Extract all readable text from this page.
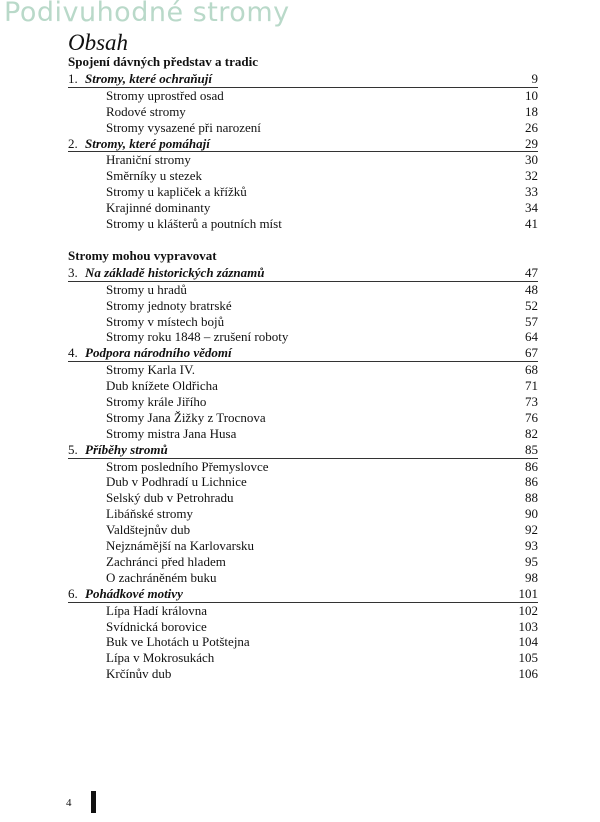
Podivuhodné stromy
Obsah
Spojení dávných představ a tradic
1. Stromy, které ochraňují	9
Stromy uprostřed osad	10
Rodové stromy	18
Stromy vysazené při narození	26
2. Stromy, které pomáhají	29
Hraniční stromy	30
Směrníky u stezek	32
Stromy u kapliček a křížků	33
Krajinné dominanty	34
Stromy u klášterů a poutních míst	41
Stromy mohou vypravovat
3. Na základě historických záznamů	47
Stromy u hradů	48
Stromy jednoty bratrské	52
Stromy v místech bojů	57
Stromy roku 1848 – zrušení roboty	64
4. Podpora národního vědomí	67
Stromy Karla IV.	68
Dub knížete Oldřicha	71
Stromy krále Jiřího	73
Stromy Jana Žižky z Trocnova	76
Stromy mistra Jana Husa	82
5. Příběhy stromů	85
Strom posledního Přemyslovce	86
Dub v Podhradí u Lichnice	86
Selský dub v Petrohradu	88
Libáňské stromy	90
Valdštejnův dub	92
Nejznámější na Karlovarsku	93
Zachránci před hladem	95
O zachráněném buku	98
6. Pohádkové motivy	101
Lípa Hadí královna	102
Svídnická borovice	103
Buk ve Lhotách u Potštejna	104
Lípa v Mokrosukách	105
Krčínův dub	106
4
